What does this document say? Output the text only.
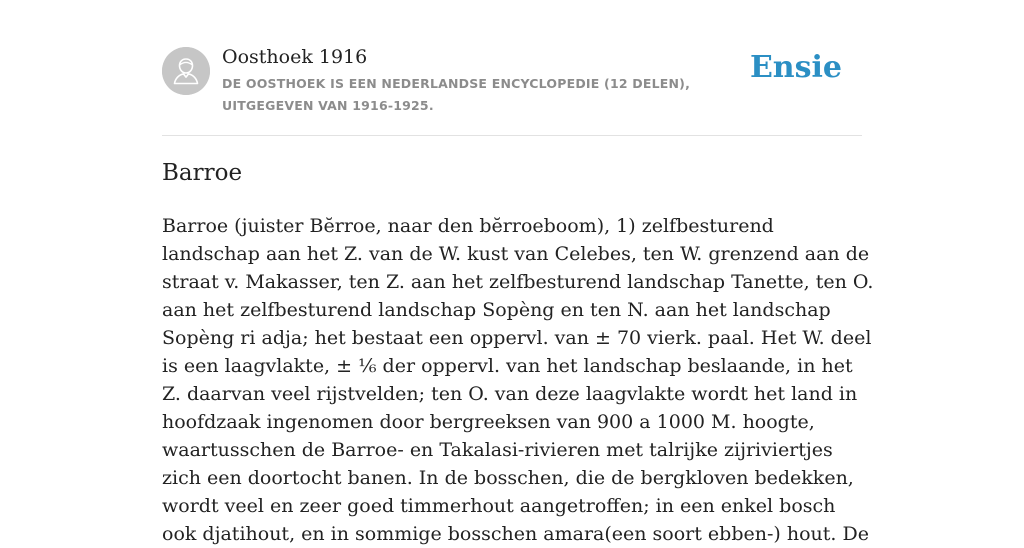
Oosthoek 1916
DE OOSTHOEK IS EEN NEDERLANDSE ENCYCLOPEDIE (12 DELEN), UITGEGEVEN VAN 1916-1925.
Ensie
Barroe

Barroe (juister Bĕrroe, naar den bĕrroeboom), 1) zelfbesturend landschap aan het Z. van de W. kust van Celebes, ten W. grenzend aan de straat v. Makasser, ten Z. aan het zelfbesturend landschap Tanette, ten O. aan het zelfbesturend landschap Sopèng en ten N. aan het landschap Sopèng ri adja; het bestaat een oppervl. van ± 70 vierk. paal. Het W. deel is een laagvlakte, ± ⅙ der oppervl. van het landschap beslaande, in het Z. daarvan veel rijstvelden; ten O. van deze laagvlakte wordt het land in hoofdzaak ingenomen door bergreeksen van 900 a 1000 M. hoogte, waartusschen de Barroe- en Takalasi-rivieren met talrijke zijriviertjes zich een doortocht banen. In de bosschen, die de bergkloven bedekken, wordt veel en zeer goed timmerhout aangetroffen; in een enkel bosch ook djatihout, en in sommige bosschen amara(een soort ebben-) hout. De
